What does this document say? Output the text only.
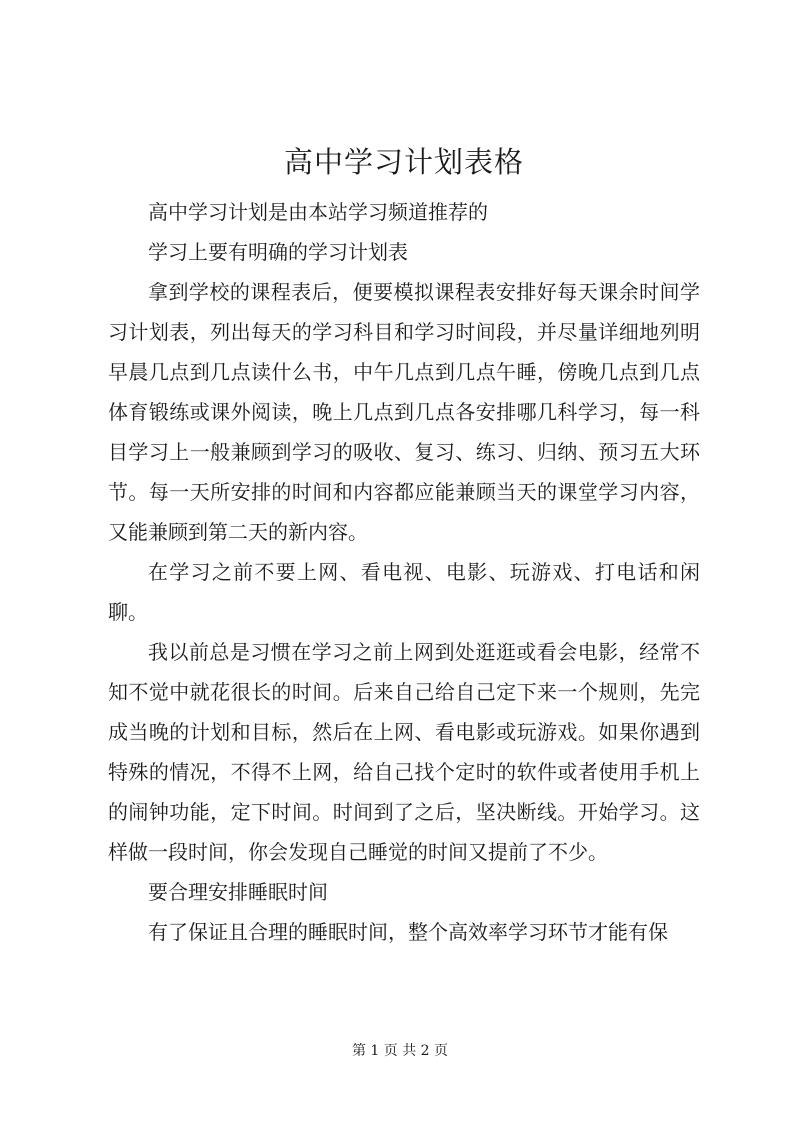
高中学习计划表格

高中学习计划是由本站学习频道推荐的

学习上要有明确的学习计划表

拿到学校的课程表后，便要模拟课程表安排好每天课余时间学习计划表，列出每天的学习科目和学习时间段，并尽量详细地列明早晨几点到几点读什么书，中午几点到几点午睡，傍晚几点到几点体育锻练或课外阅读，晚上几点到几点各安排哪几科学习，每一科目学习上一般兼顾到学习的吸收、复习、练习、归纳、预习五大环节。每一天所安排的时间和内容都应能兼顾当天的课堂学习内容，又能兼顾到第二天的新内容。

在学习之前不要上网、看电视、电影、玩游戏、打电话和闲聊。

我以前总是习惯在学习之前上网到处逛逛或看会电影，经常不知不觉中就花很长的时间。后来自己给自己定下来一个规则，先完成当晚的计划和目标，然后在上网、看电影或玩游戏。如果你遇到特殊的情况，不得不上网，给自己找个定时的软件或者使用手机上的闹钟功能，定下时间。时间到了之后，坚决断线。开始学习。这样做一段时间，你会发现自己睡觉的时间又提前了不少。

要合理安排睡眠时间

有了保证且合理的睡眠时间，整个高效率学习环节才能有保

第 1 页 共 2 页
